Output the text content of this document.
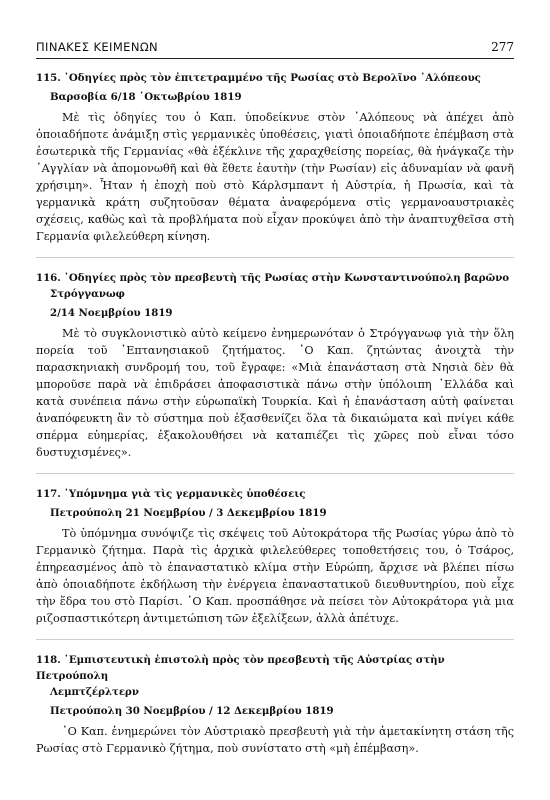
ΠΙΝΑΚΕΣ ΚΕΙΜΕΝΩΝ	277

115. ᾿Οδηγίες πρὸς τὸν ἐπιτετραμμένο τῆς Ρωσίας στὸ Βερολῖνο ᾿Αλόπεους
Βαρσοβία 6/18 ᾿Οκτωβρίου 1819

Μὲ τὶς ὁδηγίες του ὁ Καπ. ὑποδείκνυε στὸν ᾿Αλόπεους νὰ ἀπέχει ἀπὸ ὁποιαδήποτε ἀνάμιξη στὶς γερμανικὲς ὑποθέσεις, γιατὶ ὁποιαδήποτε ἐπέμβαση στὰ ἐσωτερικὰ τῆς Γερμανίας «θὰ ἐξέκλινε τῆς χαραχθείσης πορείας, θὰ ἠνάγκαζε τὴν ᾿Αγγλίαν νὰ ἀπομονωθῆ καὶ θὰ ἔθετε ἑαυτὴν (τὴν Ρωσίαν) εἰς ἀδυναμίαν νὰ φανῆ χρήσιμη». Ἦταν ἡ ἐποχὴ ποὺ στὸ Κάρλσμπαντ ἡ Αὐστρία, ἡ Πρωσία, καὶ τὰ γερμανικὰ κράτη συζητοῦσαν θέματα ἀναφερόμενα στὶς γερμανοαυστριακὲς σχέσεις, καθὼς καὶ τὰ προβλήματα ποὺ εἶχαν προκύψει ἀπὸ τὴν ἀναπτυχθεῖσα στὴ Γερμανία φιλελεύθερη κίνηση.

116. ᾿Οδηγίες πρὸς τὸν πρεσβευτὴ τῆς Ρωσίας στὴν Κωνσταντινούπολη βαρῶνο
Στρόγγανωφ
2/14 Νοεμβρίου 1819

Μὲ τὸ συγκλονιστικὸ αὐτὸ κείμενο ἐνημερωνόταν ὁ Στρόγγανωφ γιὰ τὴν ὅλη πορεία τοῦ ᾿Επτανησιακοῦ ζητήματος. ᾿Ο Καπ. ζητώντας ἀνοιχτὰ τὴν παρασκηνιακὴ συνδρομή του, τοῦ ἔγραφε: «Μιὰ ἐπανάσταση στὰ Νησιὰ δὲν θὰ μποροῦσε παρὰ νὰ ἐπιδράσει ἀποφασιστικὰ πάνω στὴν ὑπόλοιπη ᾿Ελλάδα καὶ κατὰ συνέπεια πάνω στὴν εὐρωπαϊκὴ Τουρκία. Καὶ ἡ ἐπανάσταση αὐτὴ φαίνεται ἀναπόφευκτη ἂν τὸ σύστημα ποὺ ἐξασθενίζει ὅλα τὰ δικαιώματα καὶ πνίγει κάθε σπέρμα εὐημερίας, ἐξακολουθήσει νὰ καταπιέζει τὶς χῶρες ποὺ εἶναι τόσο δυστυχισμένες».

117. ῾Υπόμνημα γιὰ τὶς γερμανικὲς ὑποθέσεις
Πετρούπολη 21 Νοεμβρίου / 3 Δεκεμβρίου 1819

Τὸ ὑπόμνημα συνόψιζε τὶς σκέψεις τοῦ Αὐτοκράτορα τῆς Ρωσίας γύρω ἀπὸ τὸ Γερμανικὸ ζήτημα. Παρὰ τὶς ἀρχικὰ φιλελεύθερες τοποθετήσεις του, ὁ Τσάρος, ἐπηρεασμένος ἀπὸ τὸ ἐπαναστατικὸ κλίμα στὴν Εὐρώπη, ἄρχισε νὰ βλέπει πίσω ἀπὸ ὁποιαδήποτε ἐκδήλωση τὴν ἐνέργεια ἐπαναστατικοῦ διευθυντηρίου, ποὺ εἶχε τὴν ἕδρα του στὸ Παρίσι. ᾿Ο Καπ. προσπάθησε νὰ πείσει τὸν Αὐτοκράτορα γιὰ μια ριζοσπαστικότερη ἀντιμετώπιση τῶν ἐξελίξεων, ἀλλὰ ἀπέτυχε.

118. ᾿Εμπιστευτικὴ ἐπιστολὴ πρὸς τὸν πρεσβευτὴ τῆς Αὐστρίας στὴν Πετρούπολη
Λεμπτζέρλτερν
Πετρούπολη 30 Νοεμβρίου / 12 Δεκεμβρίου 1819

᾿Ο Καπ. ἐνημερώνει τὸν Αὐστριακὸ πρεσβευτὴ γιὰ τὴν ἀμετακίνητη στάση τῆς Ρωσίας στὸ Γερμανικὸ ζήτημα, ποὺ συνίστατο στὴ «μὴ ἐπέμβαση».
